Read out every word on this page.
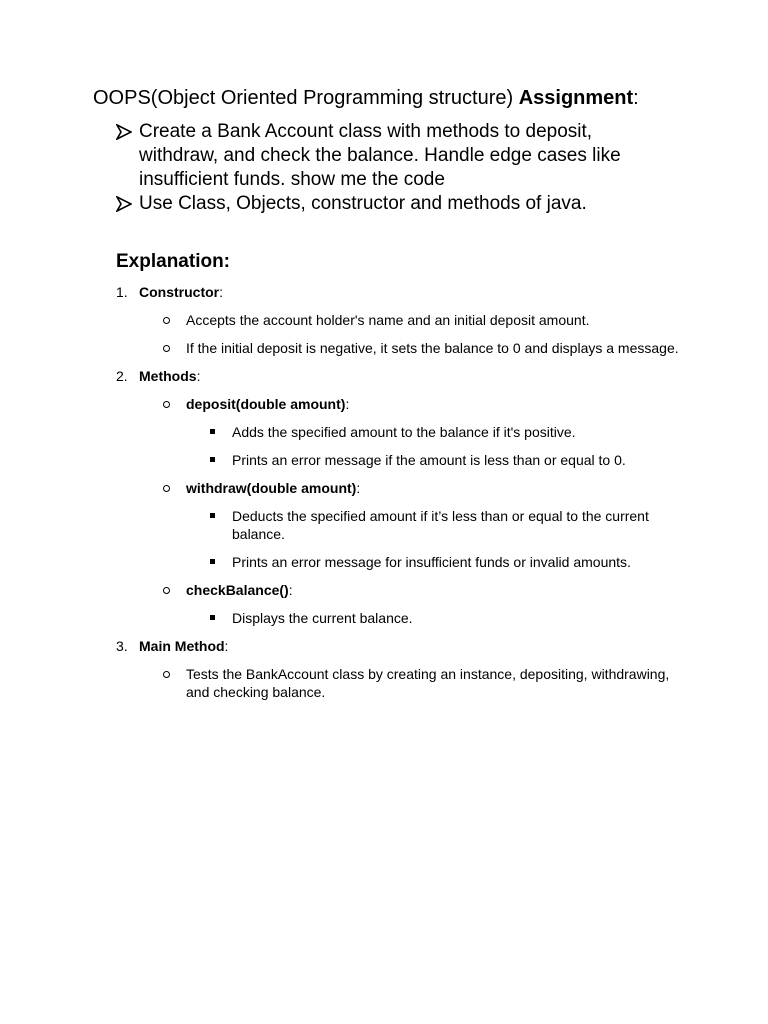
OOPS(Object Oriented Programming structure) Assignment:
Create a Bank Account class with methods to deposit, withdraw, and check the balance. Handle edge cases like insufficient funds. show me the code
Use Class, Objects, constructor and methods of java.
Explanation:
1. Constructor:
Accepts the account holder's name and an initial deposit amount.
If the initial deposit is negative, it sets the balance to 0 and displays a message.
2. Methods:
deposit(double amount):
Adds the specified amount to the balance if it's positive.
Prints an error message if the amount is less than or equal to 0.
withdraw(double amount):
Deducts the specified amount if it’s less than or equal to the current balance.
Prints an error message for insufficient funds or invalid amounts.
checkBalance():
Displays the current balance.
3. Main Method:
Tests the BankAccount class by creating an instance, depositing, withdrawing, and checking balance.
